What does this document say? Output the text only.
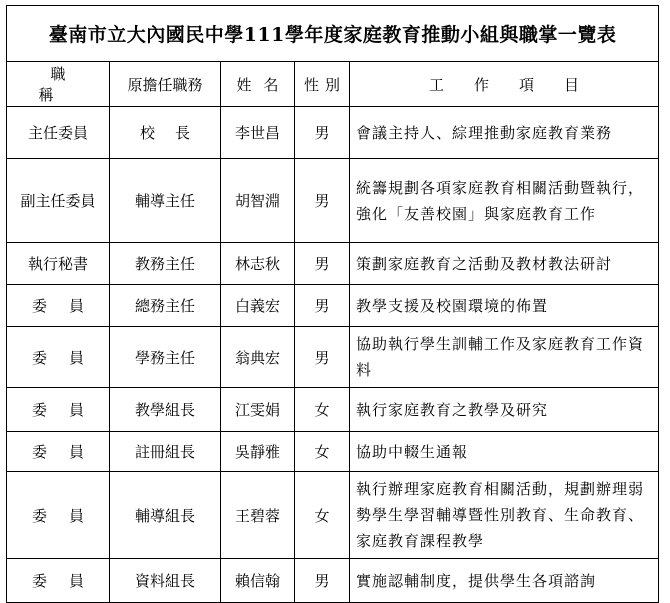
臺南市立大內國民中學111學年度家庭教育推動小組與職掌一覽表				
職稱	原擔任職務	姓名	性別	工作項目
主任委員	校長	李世昌	男	會議主持人、綜理推動家庭教育業務
副主任委員	輔導主任	胡智淵	男	統籌規劃各項家庭教育相關活動暨執行，強化「友善校園」與家庭教育工作
執行秘書	教務主任	林志秋	男	策劃家庭教育之活動及教材教法研討
委員	總務主任	白義宏	男	教學支援及校園環境的佈置
委員	學務主任	翁典宏	男	協助執行學生訓輔工作及家庭教育工作資料
委員	教學組長	江雯娟	女	執行家庭教育之教學及研究
委員	註冊組長	吳靜雅	女	協助中輟生通報
委員	輔導組長	王碧蓉	女	執行辦理家庭教育相關活動，規劃辦理弱勢學生學習輔導暨性別教育、生命教育、家庭教育課程教學
委員	資料組長	賴信翰	男	實施認輔制度，提供學生各項諮詢
